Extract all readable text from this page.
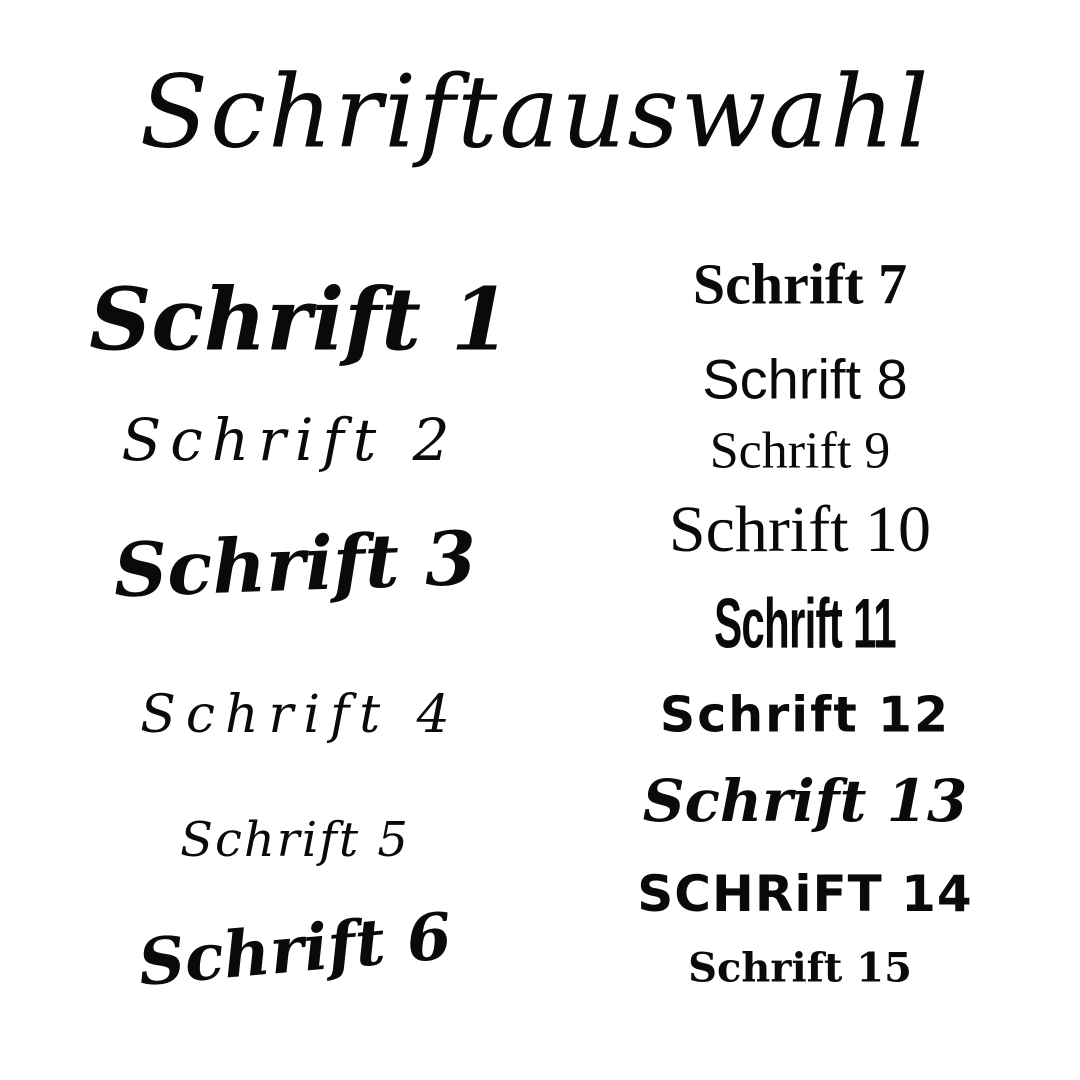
Schriftauswahl
Schrift 1
Schrift 2
Schrift 3
Schrift 4
Schrift 5
Schrift 6
Schrift 7
Schrift 8
Schrift 9
Schrift 10
Schrift 11
Schrift 12
Schrift 13
SCHRiFT 14
Schrift 15
